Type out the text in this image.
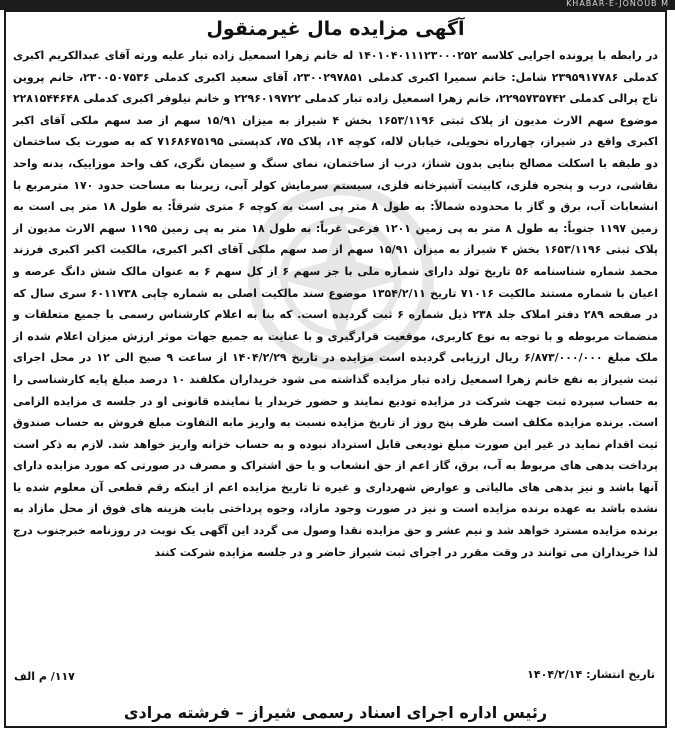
KHABAR-E-JONOUB M
آگهی مزایده مال غیرمنقول

در رابطه با پرونده اجرایی کلاسه ۱۴۰۱۰۴۰۱۱۱۲۳۰۰۰۲۵۲ له خانم زهرا اسمعیل زاده تبار علیه ورثه آقای عبدالکریم اکبری کدملی ۲۳۹۵۹۱۷۷۸۶ شامل: خانم سمیرا اکبری کدملی ۲۳۰۰۲۹۷۸۵۱، آقای سعید اکبری کدملی ۲۳۰۰۵۰۷۵۳۶، خانم پروین تاج پرالی کدملی ۲۲۹۵۷۳۵۷۴۲، خانم زهرا اسمعیل زاده تبار کدملی ۲۲۹۶۰۱۹۷۲۲ و خانم نیلوفر اکبری کدملی ۲۲۸۱۵۴۴۶۴۸ موضوع سهم الارث مدیون از پلاک ثبتی ۱۶۵۳/۱۱۹۶ بخش ۴ شیراز به میزان ۱۵/۹۱ سهم از صد سهم ملکی آقای اکبر اکبری واقع در شیراز، چهارراه تحویلی، خیابان لاله، کوچه ۱۴، پلاک ۷۵، کدپستی ۷۱۶۸۶۷۵۱۹۵ که به صورت یک ساختمان دو طبقه با اسکلت مصالح بنایی بدون شناژ، درب از ساختمان، نمای سنگ و سیمان نگری، کف واحد موزاییک، بدنه واحد نقاشی، درب و پنجره فلزی، کابینت آشپزخانه فلزی، سیستم سرمایش کولر آبی، زیربنا به مساحت حدود ۱۷۰ مترمربع با انشعابات آب، برق و گاز با محدوده شمالاً: به طول ۸ متر پی است به کوچه ۶ متری شرقاً: به طول ۱۸ متر پی است به زمین ۱۱۹۷ جنوباً: به طول ۸ متر به پی زمین ۱۲۰۱ فرعی غرباً: به طول ۱۸ متر به پی زمین ۱۱۹۵ سهم الارث مدیون از پلاک ثبتی ۱۶۵۳/۱۱۹۶ بخش ۴ شیراز به میزان ۱۵/۹۱ سهم از صد سهم ملکی آقای اکبر اکبری، مالکیت اکبر اکبری فرزند محمد شماره شناسنامه ۵۶ تاریخ تولد دارای شماره ملی با جز سهم ۶ از کل سهم ۶ به عنوان مالک شش دانگ عرصه و اعیان با شماره مستند مالکیت ۷۱۰۱۶ تاریخ ۱۳۵۴/۲/۱۱ موضوع سند مالکیت اصلی به شماره چاپی ۶۰۱۱۷۳۸ سری سال که در صفحه ۲۸۹ دفتر املاک جلد ۲۳۸ ذیل شماره ۶ ثبت گردیده است. که بنا به اعلام کارشناس رسمی با جمیع متعلقات و منضمات مربوطه و با توجه به نوع کاربری، موقعیت قرارگیری و با عنایت به جمیع جهات موثر ارزش میزان اعلام شده از ملک مبلغ ۶/۸۷۳/۰۰۰/۰۰۰ ریال ارزیابی گردیده است مزایده در تاریخ ۱۴۰۴/۲/۲۹ از ساعت ۹ صبح الی ۱۲ در محل اجرای ثبت شیراز به نفع خانم زهرا اسمعیل زاده تبار مزایده گذاشته می شود خریداران مکلفند ۱۰ درصد مبلغ پایه کارشناسی را به حساب سپرده ثبت جهت شرکت در مزایده تودیع نمایند و حضور خریدار یا نماینده قانونی او در جلسه ی مزایده الزامی است. برنده مزایده مکلف است ظرف پنج روز از تاریخ مزایده نسبت به واریز مابه التفاوت مبلغ فروش به حساب صندوق ثبت اقدام نماید در غیر این صورت مبلغ تودیعی قابل استرداد نبوده و به حساب خزانه واریز خواهد شد. لازم به ذکر است پرداخت بدهی های مربوط به آب، برق، گاز اعم از حق انشعاب و یا حق اشتراک و مصرف در صورتی که مورد مزایده دارای آنها باشد و نیز بدهی های مالیاتی و عوارض شهرداری و غیره تا تاریخ مزایده اعم از اینکه رقم قطعی آن معلوم شده یا نشده باشد به عهده برنده مزایده است و نیز در صورت وجود مازاد، وجوه پرداختی بابت هزینه های فوق از محل مازاد به برنده مزایده مسترد خواهد شد و نیم عشر و حق مزایده نقدا وصول می گردد این آگهی یک نوبت در روزنامه خبرجنوب درج لذا خریداران می توانند در وقت مقرر در اجرای ثبت شیراز حاضر و در جلسه مزایده شرکت کنند

تاریخ انتشار: ۱۴۰۴/۲/۱۴
۱۱۷/ م الف
رئیس اداره اجرای اسناد رسمی شیراز – فرشته مرادی
